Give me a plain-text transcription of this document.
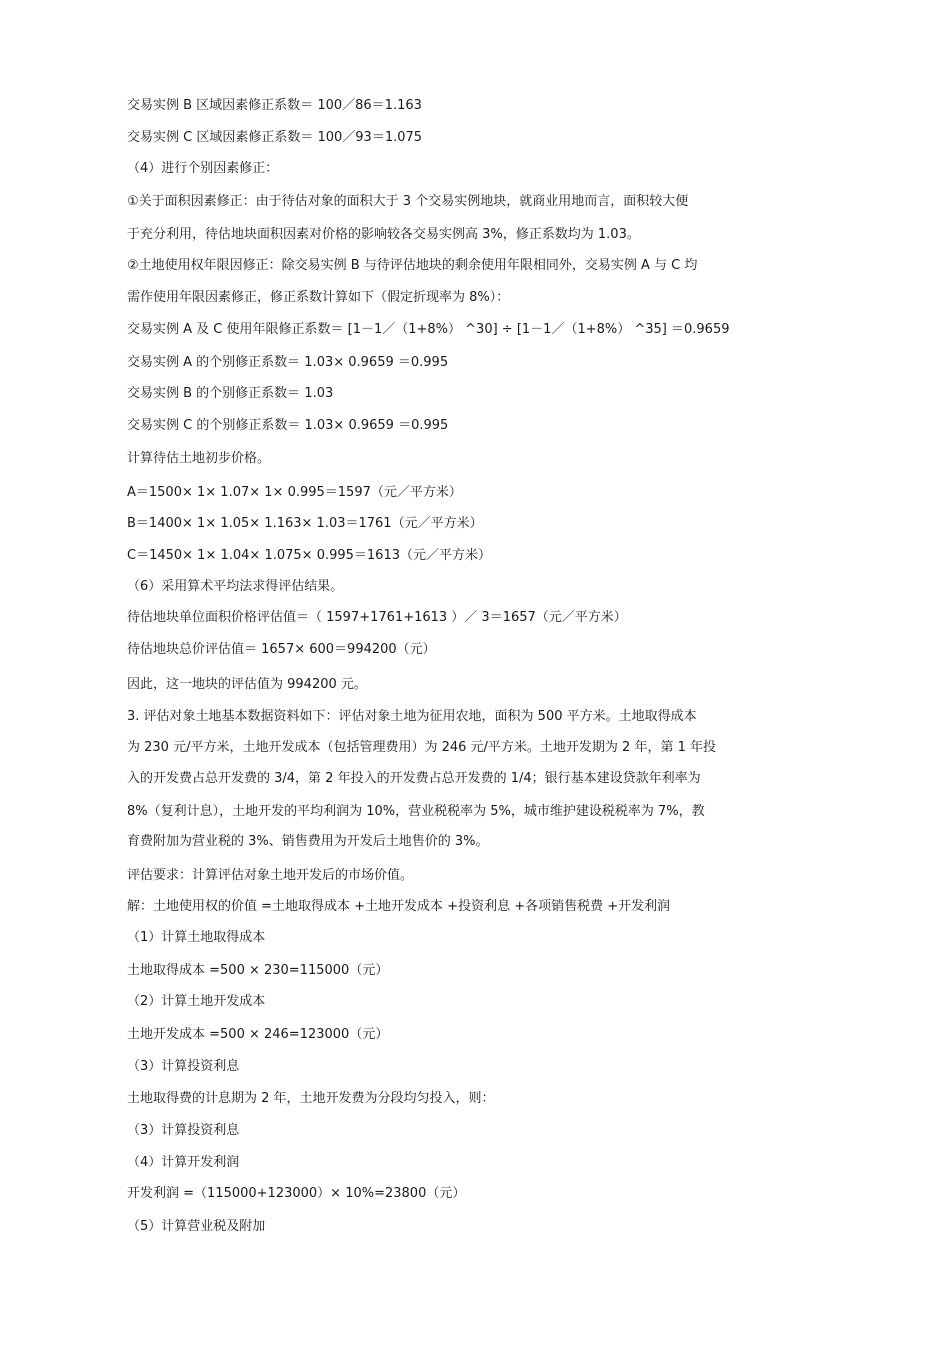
交易实例 B 区域因素修正系数＝ 100／86＝1.163
交易实例 C 区域因素修正系数＝ 100／93＝1.075
（4）进行个别因素修正：
①关于面积因素修正：由于待估对象的面积大于 3 个交易实例地块，就商业用地而言，面积较大便
于充分利用，待估地块面积因素对价格的影响较各交易实例高 3%，修正系数均为 1.03。
②土地使用权年限因修正：除交易实例 B 与待评估地块的剩余使用年限相同外，交易实例 A 与 C 均
需作使用年限因素修正，修正系数计算如下（假定折现率为 8%）：
交易实例 A 及 C 使用年限修正系数＝ [1－1／（1+8%） ^30] ÷ [1－1／（1+8%） ^35] ＝0.9659
交易实例 A 的个别修正系数＝ 1.03× 0.9659 ＝0.995
交易实例 B 的个别修正系数＝ 1.03
交易实例 C 的个别修正系数＝ 1.03× 0.9659 ＝0.995
计算待估土地初步价格。
A＝1500× 1× 1.07× 1× 0.995＝1597（元／平方米）
B＝1400× 1× 1.05× 1.163× 1.03＝1761（元／平方米）
C＝1450× 1× 1.04× 1.075× 0.995＝1613（元／平方米）
（6）采用算术平均法求得评估结果。
待估地块单位面积价格评估值＝（ 1597+1761+1613 ）／ 3＝1657（元／平方米）
待估地块总价评估值＝ 1657× 600＝994200（元）
因此，这一地块的评估值为 994200 元。
3. 评估对象土地基本数据资料如下：评估对象土地为征用农地，面积为 500 平方米。土地取得成本
为 230 元/平方米，土地开发成本（包括管理费用）为 246 元/平方米。土地开发期为 2 年，第 1 年投
入的开发费占总开发费的 3/4，第 2 年投入的开发费占总开发费的 1/4；银行基本建设贷款年利率为
8%（复利计息），土地开发的平均利润为 10%，营业税税率为 5%，城市维护建设税税率为 7%，教
育费附加为营业税的 3%、销售费用为开发后土地售价的 3%。
评估要求：计算评估对象土地开发后的市场价值。
解：土地使用权的价值 =土地取得成本 +土地开发成本 +投资利息 +各项销售税费 +开发利润
（1）计算土地取得成本
土地取得成本 =500 × 230=115000（元）
（2）计算土地开发成本
土地开发成本 =500 × 246=123000（元）
（3）计算投资利息
土地取得费的计息期为 2 年，土地开发费为分段均匀投入，则：
（3）计算投资利息
（4）计算开发利润
开发利润 =（115000+123000）× 10%=23800（元）
（5）计算营业税及附加
